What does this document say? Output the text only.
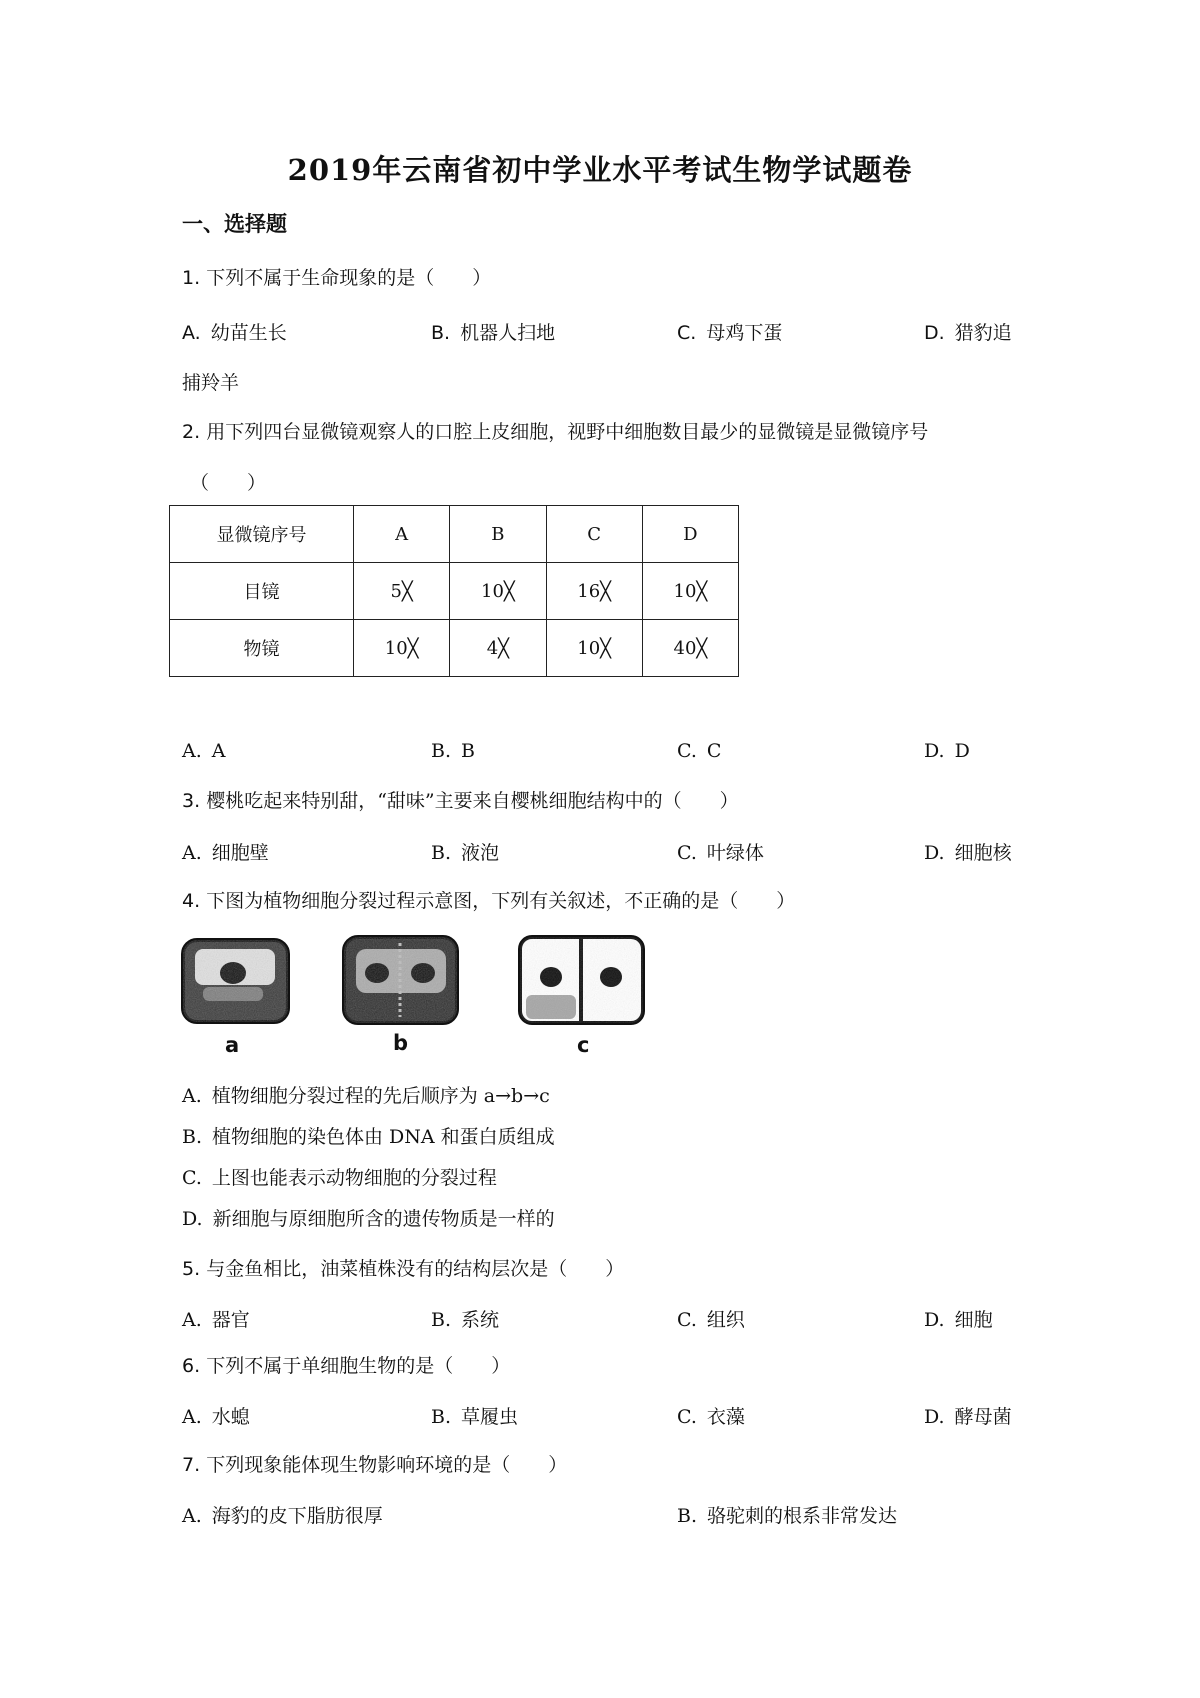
2019年云南省初中学业水平考试生物学试题卷
一、选择题
1. 下列不属于生命现象的是（　　）
A. 幼苗生长	B. 机器人扫地	C. 母鸡下蛋	D. 猎豹追
捕羚羊
2. 用下列四台显微镜观察人的口腔上皮细胞，视野中细胞数目最少的显微镜是显微镜序号
（　　）
显微镜序号	A	B	C	D
目镜	5╳	10╳	16╳	10╳
物镜	10╳	4╳	10╳	40╳
A. A	B. B	C. C	D. D
3. 樱桃吃起来特别甜，“甜味”主要来自樱桃细胞结构中的（　　）
A. 细胞壁	B. 液泡	C. 叶绿体	D. 细胞核
4. 下图为植物细胞分裂过程示意图，下列有关叙述，不正确的是（　　）
a	b	c
A. 植物细胞分裂过程的先后顺序为 a→b→c
B. 植物细胞的染色体由 DNA 和蛋白质组成
C. 上图也能表示动物细胞的分裂过程
D. 新细胞与原细胞所含的遗传物质是一样的
5. 与金鱼相比，油菜植株没有的结构层次是（　　）
A. 器官	B. 系统	C. 组织	D. 细胞
6. 下列不属于单细胞生物的是（　　）
A. 水螅	B. 草履虫	C. 衣藻	D. 酵母菌
7. 下列现象能体现生物影响环境的是（　　）
A. 海豹的皮下脂肪很厚	B. 骆驼刺的根系非常发达
